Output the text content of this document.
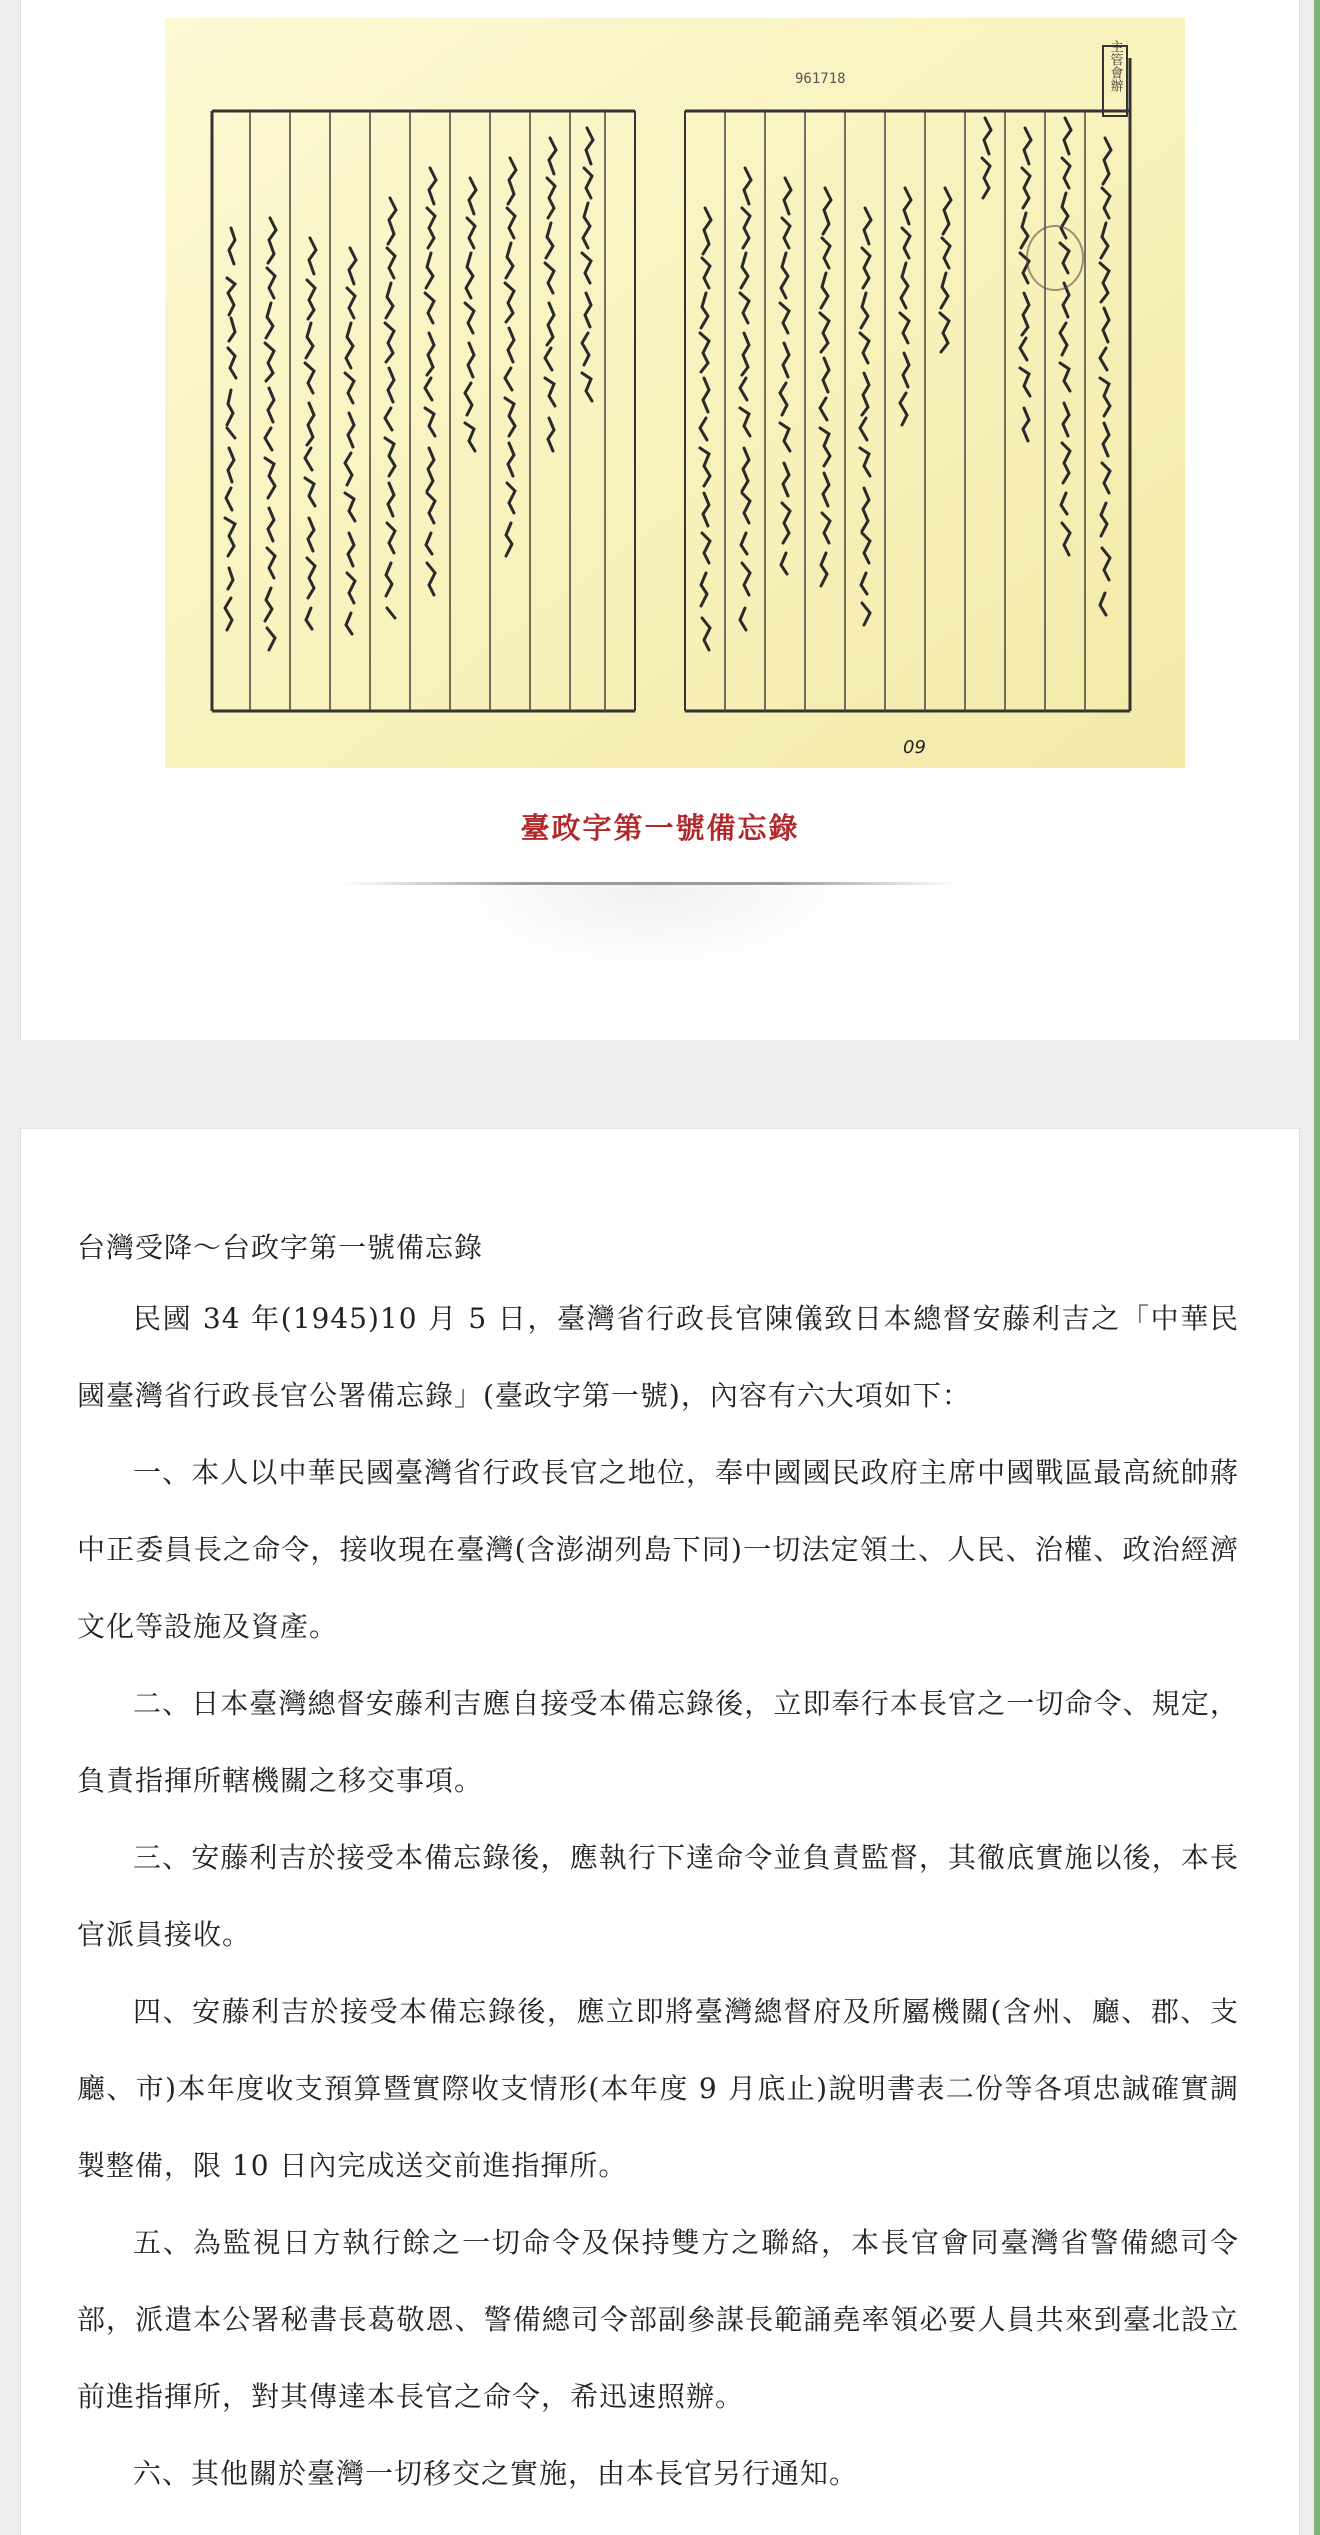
961718	主管會辦
09
臺政字第一號備忘錄
台灣受降～台政字第一號備忘錄

民國 34 年(1945)10 月 5 日，臺灣省行政長官陳儀致日本總督安藤利吉之「中華民國臺灣省行政長官公署備忘錄」(臺政字第一號)，內容有六大項如下：

一、本人以中華民國臺灣省行政長官之地位，奉中國國民政府主席中國戰區最高統帥蔣中正委員長之命令，接收現在臺灣(含澎湖列島下同)一切法定領土、人民、治權、政治經濟文化等設施及資產。

二、日本臺灣總督安藤利吉應自接受本備忘錄後，立即奉行本長官之一切命令、規定，負責指揮所轄機關之移交事項。

三、安藤利吉於接受本備忘錄後，應執行下達命令並負責監督，其徹底實施以後，本長官派員接收。

四、安藤利吉於接受本備忘錄後，應立即將臺灣總督府及所屬機關(含州、廳、郡、支廳、市)本年度收支預算暨實際收支情形(本年度 9 月底止)說明書表二份等各項忠誠確實調製整備，限 10 日內完成送交前進指揮所。

五、為監視日方執行餘之一切命令及保持雙方之聯絡，本長官會同臺灣省警備總司令部，派遣本公署秘書長葛敬恩、警備總司令部副參謀長範誦堯率領必要人員共來到臺北設立前進指揮所，對其傳達本長官之命令，希迅速照辦。

六、其他關於臺灣一切移交之實施，由本長官另行通知。
